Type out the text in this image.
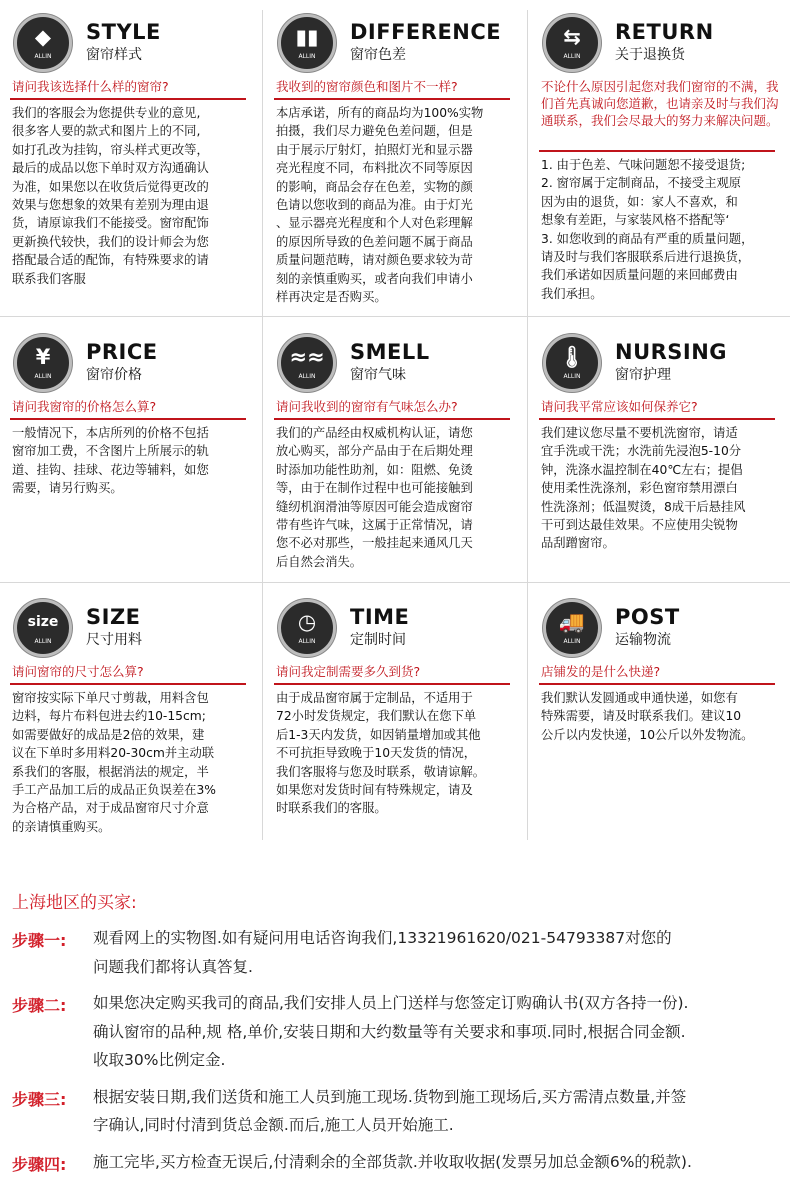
◆
ALLIN
STYLE
窗帘样式
请问我该选择什么样的窗帘?
我们的客服会为您提供专业的意见,
很多客人要的款式和图片上的不同,
如打孔改为挂钩，帘头样式更改等，
最后的成品以您下单时双方沟通确认
为准，如果您以在收货后觉得更改的
效果与您想象的效果有差别为理由退
货，请原谅我们不能接受。窗帘配饰
更新换代较快，我们的设计师会为您
搭配最合适的配饰，有特殊要求的请
联系我们客服
▮▮
ALLIN
DIFFERENCE
窗帘色差
我收到的窗帘颜色和图片不一样?
本店承诺，所有的商品均为100%实物
拍摄，我们尽力避免色差问题，但是
由于展示厅射灯，拍照灯光和显示器
亮光程度不同，布料批次不同等原因
的影响，商品会存在色差，实物的颜
色请以您收到的商品为准。由于灯光
、显示器亮光程度和个人对色彩理解
的原因所导致的色差问题不属于商品
质量问题范畴，请对颜色要求较为苛
刻的亲慎重购买，或者向我们申请小
样再决定是否购买。
⇆
ALLIN
RETURN
关于退换货
不论什么原因引起您对我们窗帘的不满，我们首先真诚向您道歉，也请亲及时与我们沟通联系，我们会尽最大的努力来解决问题。
1. 由于色差、气味问题恕不接受退货;
2. 窗帘属于定制商品，不接受主观原
因为由的退货，如：家人不喜欢，和
想象有差距，与家装风格不搭配等‘
3. 如您收到的商品有严重的质量问题，
请及时与我们客服联系后进行退换货，
我们承诺如因质量问题的来回邮费由
我们承担。
¥
ALLIN
PRICE
窗帘价格
请问我窗帘的价格怎么算?
一般情况下，本店所列的价格不包括
窗帘加工费，不含图片上所展示的轨
道、挂钩、挂球、花边等辅料，如您
需要，请另行购买。
≈≈
ALLIN
SMELL
窗帘气味
请问我收到的窗帘有气味怎么办?
我们的产品经由权威机构认证，请您
放心购买，部分产品由于在后期处理
时添加功能性助剂，如：阻燃、免烫
等，由于在制作过程中也可能接触到
缝纫机润滑油等原因可能会造成窗帘
带有些许气味，这属于正常情况，请
您不必对那些，一般挂起来通风几天
后自然会消失。
🌡
ALLIN
NURSING
窗帘护理
请问我平常应该如何保养它?
我们建议您尽量不要机洗窗帘，请适
宜手洗或干洗；水洗前先浸泡5-10分
钟，洗涤水温控制在40℃左右；提倡
使用柔性洗涤剂，彩色窗帘禁用漂白
性洗涤剂；低温熨烫，8成干后悬挂风
干可到达最佳效果。不应使用尖锐物
品刮蹭窗帘。
size
ALLIN
SIZE
尺寸用料
请问窗帘的尺寸怎么算?
窗帘按实际下单尺寸剪裁，用料含包
边料，每片布料包进去约10-15cm;
如需要做好的成品是2倍的效果，建
议在下单时多用料20-30cm并主动联
系我们的客服，根据消法的规定，半
手工产品加工后的成品正负误差在3%
为合格产品，对于成品窗帘尺寸介意
的亲请慎重购买。
◷
ALLIN
TIME
定制时间
请问我定制需要多久到货?
由于成品窗帘属于定制品，不适用于
72小时发货规定，我们默认在您下单
后1-3天内发货，如因销量增加或其他
不可抗拒导致晚于10天发货的情况，
我们客服将与您及时联系，敬请谅解。
如果您对发货时间有特殊规定，请及
时联系我们的客服。
🚚
ALLIN
POST
运输物流
店铺发的是什么快递?
我们默认发圆通或申通快递，如您有
特殊需要，请及时联系我们。建议10
公斤以内发快递，10公斤以外发物流。
上海地区的买家:
步骤一: 观看网上的实物图.如有疑问用电话咨询我们,13321961620/021-54793387对您的
问题我们都将认真答复.
步骤二: 如果您决定购买我司的商品,我们安排人员上门送样与您签定订购确认书(双方各持一份).
确认窗帘的品种,规 格,单价,安装日期和大约数量等有关要求和事项.同时,根据合同金额.
收取30%比例定金.
步骤三: 根据安装日期,我们送货和施工人员到施工现场.货物到施工现场后,买方需清点数量,并签
字确认,同时付清到货总金额.而后,施工人员开始施工.
步骤四: 施工完毕,买方检查无误后,付清剩余的全部货款.并收取收据(发票另加总金额6%的税款).
